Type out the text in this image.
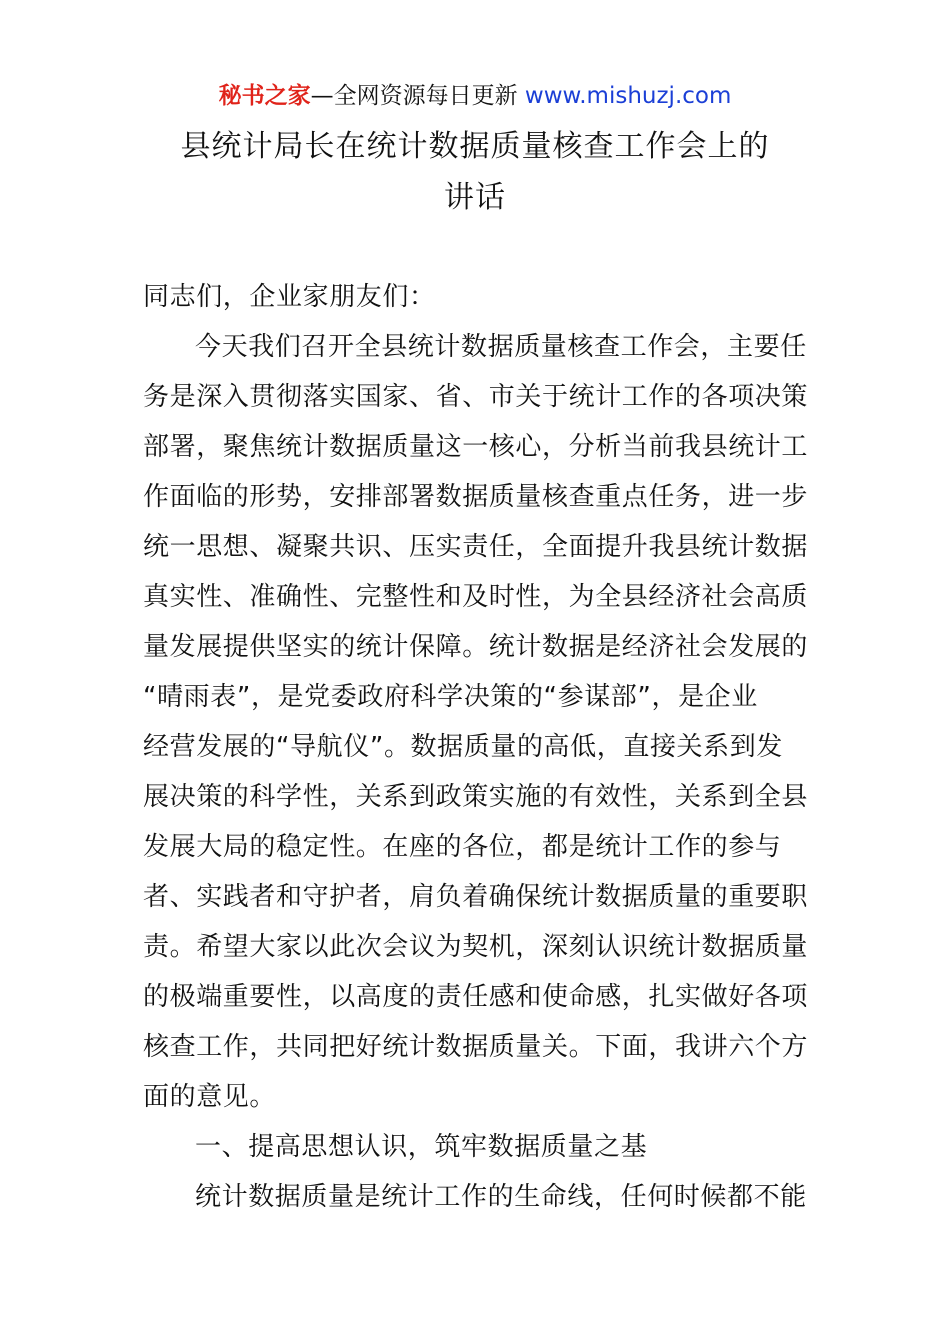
秘书之家—全网资源每日更新 www.mishuzj.com
县统计局长在统计数据质量核查工作会上的
讲话
同志们，企业家朋友们：
今天我们召开全县统计数据质量核查工作会，主要任
务是深入贯彻落实国家、省、市关于统计工作的各项决策
部署，聚焦统计数据质量这一核心，分析当前我县统计工
作面临的形势，安排部署数据质量核查重点任务，进一步
统一思想、凝聚共识、压实责任，全面提升我县统计数据
真实性、准确性、完整性和及时性，为全县经济社会高质
量发展提供坚实的统计保障。统计数据是经济社会发展的
“晴雨表”，是党委政府科学决策的“参谋部”，是企业
经营发展的“导航仪”。数据质量的高低，直接关系到发
展决策的科学性，关系到政策实施的有效性，关系到全县
发展大局的稳定性。在座的各位，都是统计工作的参与
者、实践者和守护者，肩负着确保统计数据质量的重要职
责。希望大家以此次会议为契机，深刻认识统计数据质量
的极端重要性，以高度的责任感和使命感，扎实做好各项
核查工作，共同把好统计数据质量关。下面，我讲六个方
面的意见。
一、提高思想认识，筑牢数据质量之基
统计数据质量是统计工作的生命线，任何时候都不能
